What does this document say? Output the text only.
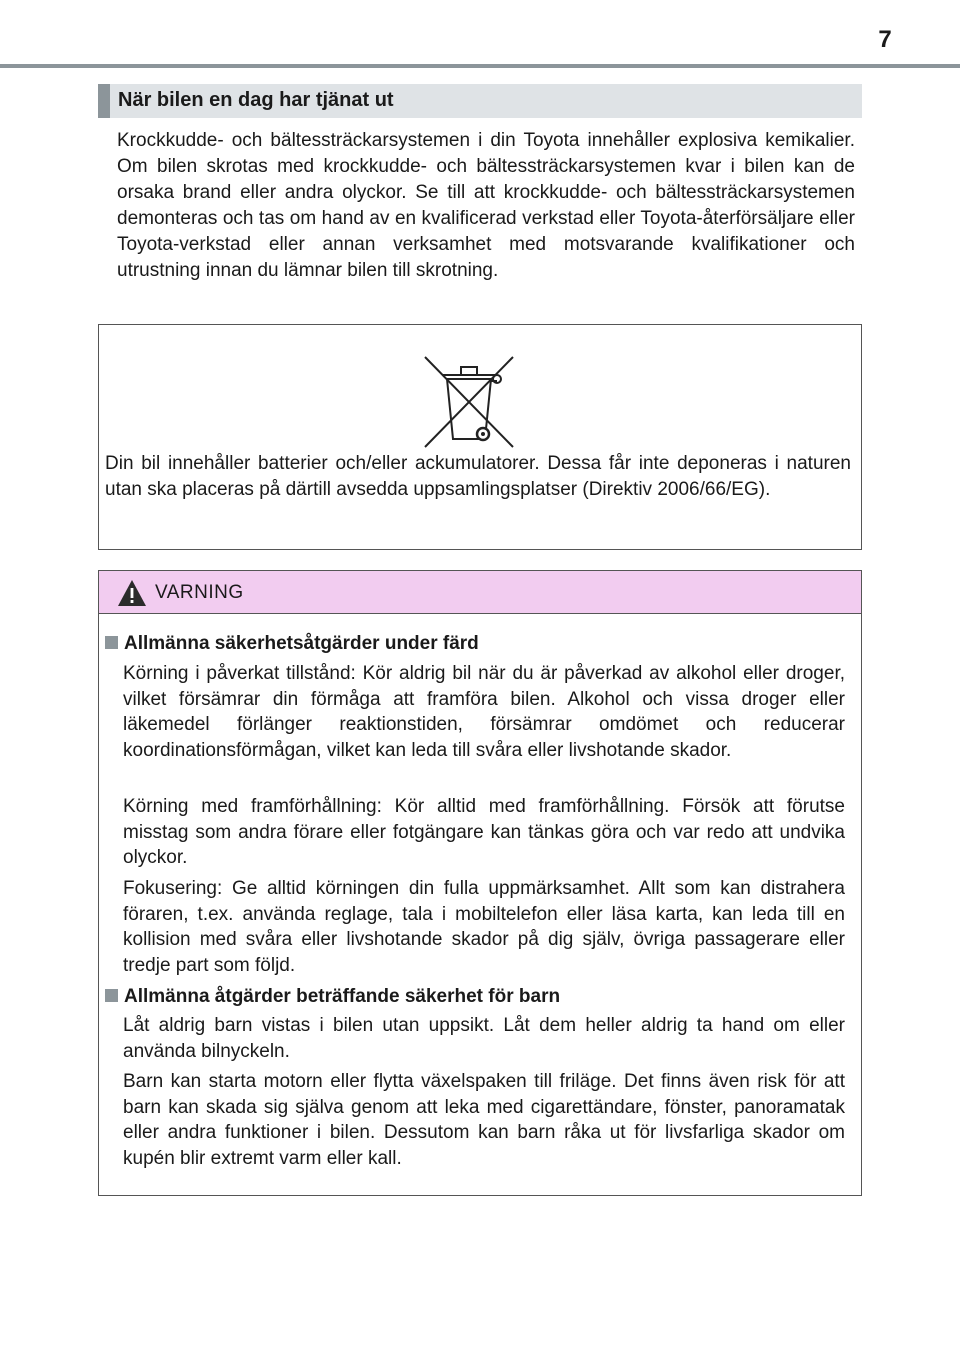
7
När bilen en dag har tjänat ut

Krockkudde- och bältessträckarsystemen i din Toyota innehåller explosiva kemikalier. Om bilen skrotas med krockkudde- och bältessträckarsystemen kvar i bilen kan de orsaka brand eller andra olyckor. Se till att krockkudde- och bältessträckarsystemen demonteras och tas om hand av en kvalificerad verkstad eller Toyota-återförsäljare eller Toyota-verkstad eller annan verksamhet med motsvarande kvalifikationer och utrustning innan du lämnar bilen till skrotning.

Din bil innehåller batterier och/eller ackumulatorer. Dessa får inte deponeras i naturen utan ska placeras på därtill avsedda uppsamlingsplatser (Direktiv 2006/66/EG).

VARNING
Allmänna säkerhetsåtgärder under färd

Körning i påverkat tillstånd: Kör aldrig bil när du är påverkad av alkohol eller droger, vilket försämrar din förmåga att framföra bilen. Alkohol och vissa droger eller läkemedel förlänger reaktionstiden, försämrar omdömet och reducerar koordinationsförmågan, vilket kan leda till svåra eller livshotande skador.

Körning med framförhållning: Kör alltid med framförhållning. Försök att förutse misstag som andra förare eller fotgängare kan tänkas göra och var redo att undvika olyckor.

Fokusering: Ge alltid körningen din fulla uppmärksamhet. Allt som kan distrahera föraren, t.ex. använda reglage, tala i mobiltelefon eller läsa karta, kan leda till en kollision med svåra eller livshotande skador på dig själv, övriga passagerare eller tredje part som följd.

Allmänna åtgärder beträffande säkerhet för barn

Låt aldrig barn vistas i bilen utan uppsikt. Låt dem heller aldrig ta hand om eller använda bilnyckeln.

Barn kan starta motorn eller flytta växelspaken till friläge. Det finns även risk för att barn kan skada sig själva genom att leka med cigarettändare, fönster, panoramatak eller andra funktioner i bilen. Dessutom kan barn råka ut för livsfarliga skador om kupén blir extremt varm eller kall.
